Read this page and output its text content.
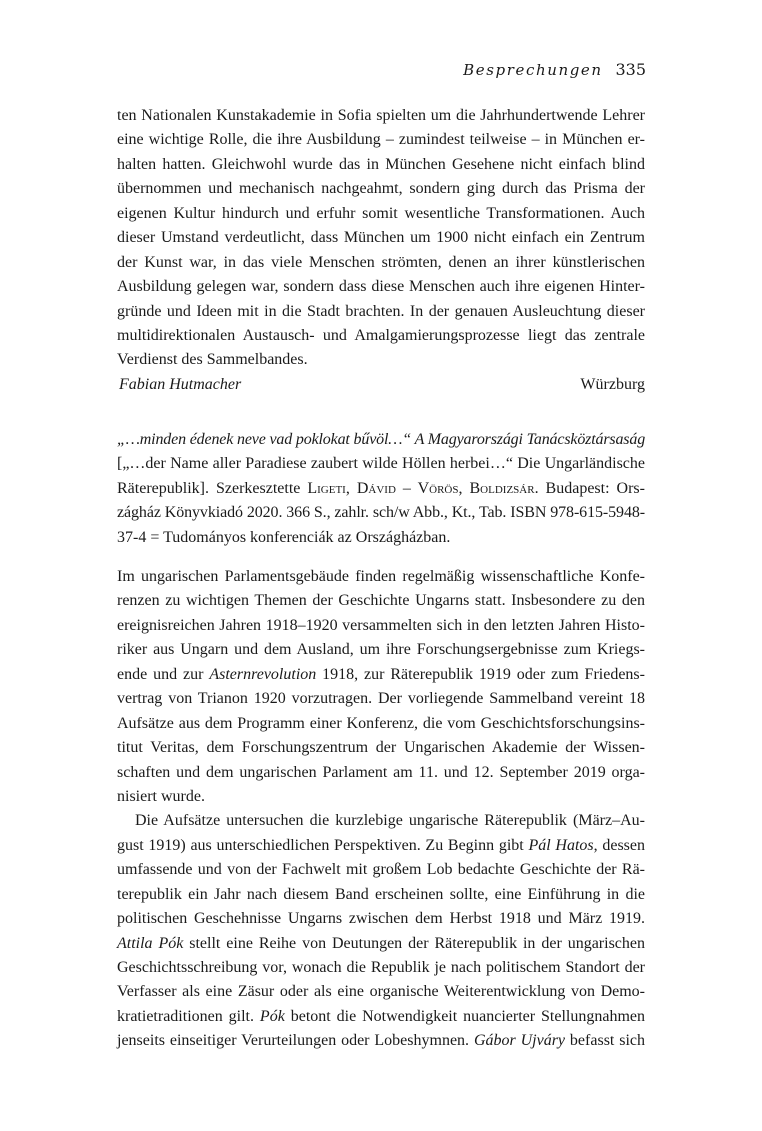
Besprechungen 335
ten Nationalen Kunstakademie in Sofia spielten um die Jahrhundertwende Lehrer
eine wichtige Rolle, die ihre Ausbildung – zumindest teilweise – in München er-
halten hatten. Gleichwohl wurde das in München Gesehene nicht einfach blind
übernommen und mechanisch nachgeahmt, sondern ging durch das Prisma der
eigenen Kultur hindurch und erfuhr somit wesentliche Transformationen. Auch
dieser Umstand verdeutlicht, dass München um 1900 nicht einfach ein Zentrum
der Kunst war, in das viele Menschen strömten, denen an ihrer künstlerischen
Ausbildung gelegen war, sondern dass diese Menschen auch ihre eigenen Hinter-
gründe und Ideen mit in die Stadt brachten. In der genauen Ausleuchtung dieser
multidirektionalen Austausch- und Amalgamierungsprozesse liegt das zentrale
Verdienst des Sammelbandes.
Fabian Hutmacher	Würzburg
„…minden édenek neve vad poklokat bűvöl…“ A Magyarországi Tanácsköztársaság
[„…der Name aller Paradiese zaubert wilde Höllen herbei…“ Die Ungarländische
Räterepublik]. Szerkesztette Ligeti, Dávid – Vörös, Boldizsár. Budapest: Ors-
zágház Könyvkiadó 2020. 366 S., zahlr. sch/w Abb., Kt., Tab. ISBN 978-615-5948-
37-4 = Tudományos konferenciák az Országházban.
Im ungarischen Parlamentsgebäude finden regelmäßig wissenschaftliche Konfe-
renzen zu wichtigen Themen der Geschichte Ungarns statt. Insbesondere zu den
ereignisreichen Jahren 1918–1920 versammelten sich in den letzten Jahren Histo-
riker aus Ungarn und dem Ausland, um ihre Forschungsergebnisse zum Kriegs-
ende und zur Asternrevolution 1918, zur Räterepublik 1919 oder zum Friedens-
vertrag von Trianon 1920 vorzutragen. Der vorliegende Sammelband vereint 18
Aufsätze aus dem Programm einer Konferenz, die vom Geschichtsforschungsins-
titut Veritas, dem Forschungszentrum der Ungarischen Akademie der Wissen-
schaften und dem ungarischen Parlament am 11. und 12. September 2019 orga-
nisiert wurde.
Die Aufsätze untersuchen die kurzlebige ungarische Räterepublik (März–Au-
gust 1919) aus unterschiedlichen Perspektiven. Zu Beginn gibt Pál Hatos, dessen
umfassende und von der Fachwelt mit großem Lob bedachte Geschichte der Rä-
terepublik ein Jahr nach diesem Band erscheinen sollte, eine Einführung in die
politischen Geschehnisse Ungarns zwischen dem Herbst 1918 und März 1919.
Attila Pók stellt eine Reihe von Deutungen der Räterepublik in der ungarischen
Geschichtsschreibung vor, wonach die Republik je nach politischem Standort der
Verfasser als eine Zäsur oder als eine organische Weiterentwicklung von Demo-
kratietraditionen gilt. Pók betont die Notwendigkeit nuancierter Stellungnahmen
jenseits einseitiger Verurteilungen oder Lobeshymnen. Gábor Ujváry befasst sich
